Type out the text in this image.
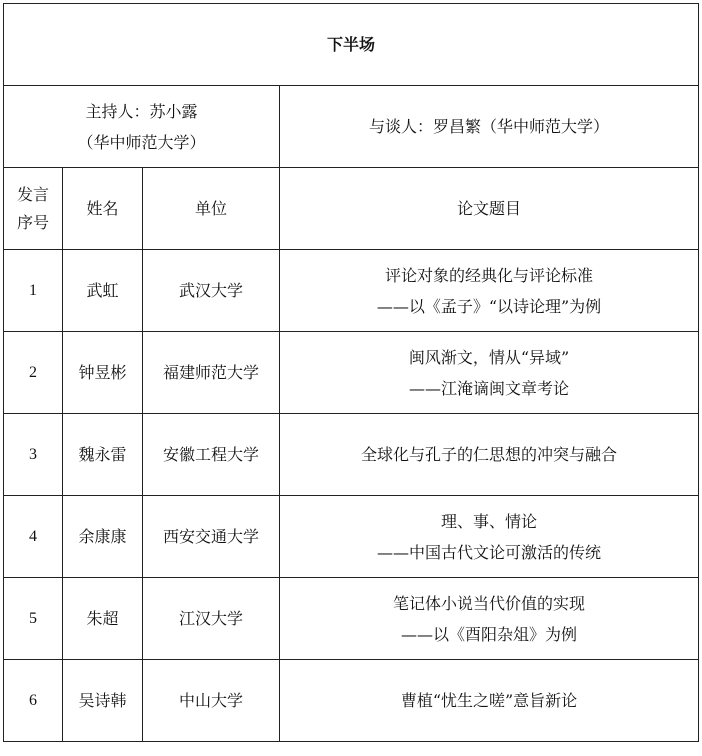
下半场			

主持人：苏小露
（华中师范大学）			与谈人：罗昌繁（华中师范大学）

发言
序号	姓名	单位	论文题目
1	武虹	武汉大学	评论对象的经典化与评论标准
——以《孟子》“以诗论理”为例

2	钟昱彬	福建师范大学	闽风渐文，情从“异域”
——江淹谪闽文章考论

3	魏永雷	安徽工程大学	全球化与孔子的仁思想的冲突与融合

4	余康康	西安交通大学	理、事、情论
——中国古代文论可激活的传统

5	朱超	江汉大学	笔记体小说当代价值的实现
——以《酉阳杂俎》为例

6	吴诗韩	中山大学	曹植“忧生之嗟”意旨新论
